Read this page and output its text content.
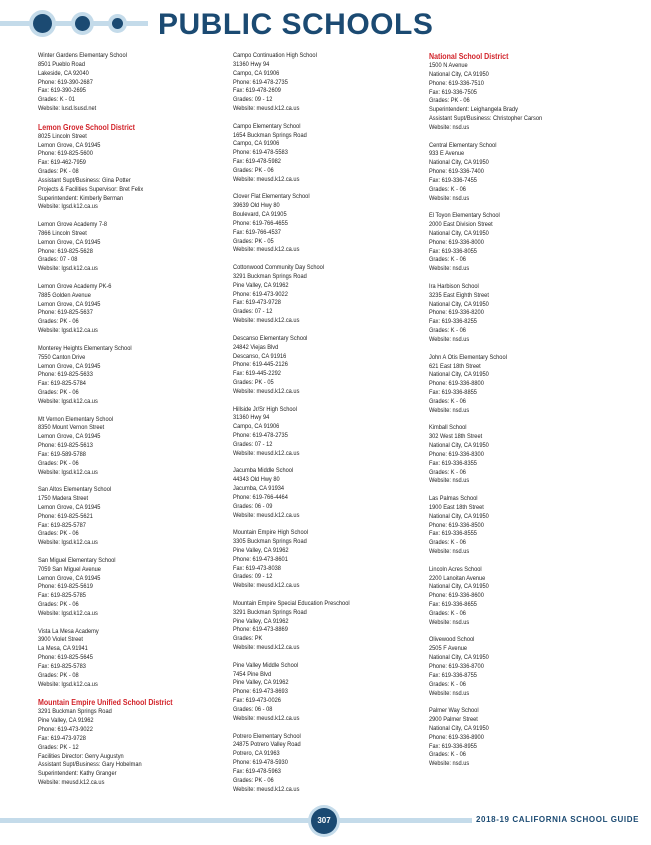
PUBLIC SCHOOLS
Winter Gardens Elementary School
8501 Pueblo Road
Lakeside, CA 92040
Phone: 619-390-2687
Fax: 619-390-2695
Grades: K - 01
Website: lusd.lsusd.net
Lemon Grove School District
8025 Lincoln Street
Lemon Grove, CA 91945
Phone: 619-825-5600
Fax: 619-462-7959
Grades: PK - 08
Assistant Supt/Business: Gina Potter
Projects & Facilities Supervisor: Bret Felix
Superintendent: Kimberly Berman
Website: lgsd.k12.ca.us
Lemon Grove Academy 7-8
7866 Lincoln Street
Lemon Grove, CA 91945
Phone: 619-825-5628
Grades: 07 - 08
Website: lgsd.k12.ca.us
Lemon Grove Academy PK-6
7885 Golden Avenue
Lemon Grove, CA 91945
Phone: 619-825-5637
Grades: PK - 06
Website: lgsd.k12.ca.us
Monterey Heights Elementary School
7550 Canton Drive
Lemon Grove, CA 91945
Phone: 619-825-5633
Fax: 619-825-5784
Grades: PK - 06
Website: lgsd.k12.ca.us
Mt Vernon Elementary School
8350 Mount Vernon Street
Lemon Grove, CA 91945
Phone: 619-825-5613
Fax: 619-589-5788
Grades: PK - 06
Website: lgsd.k12.ca.us
San Altos Elementary School
1750 Madera Street
Lemon Grove, CA 91945
Phone: 619-825-5621
Fax: 619-825-5787
Grades: PK - 06
Website: lgsd.k12.ca.us
San Miguel Elementary School
7059 San Miguel Avenue
Lemon Grove, CA 91945
Phone: 619-825-5619
Fax: 619-825-5785
Grades: PK - 06
Website: lgsd.k12.ca.us
Vista La Mesa Academy
3900 Violet Street
La Mesa, CA 91941
Phone: 619-825-5645
Fax: 619-825-5783
Grades: PK - 08
Website: lgsd.k12.ca.us
Mountain Empire Unified School District
3291 Buckman Springs Road
Pine Valley, CA 91962
Phone: 619-473-9022
Fax: 619-473-9728
Grades: PK - 12
Facilities Director: Gerry Augustyn
Assistant Supt/Business: Gary Hobelman
Superintendent: Kathy Granger
Website: meusd.k12.ca.us
Campo Continuation High School
31360 Hwy 94
Campo, CA 91906
Phone: 619-478-2735
Fax: 619-478-2609
Grades: 09 - 12
Website: meusd.k12.ca.us
Campo Elementary School
1654 Buckman Springs Road
Campo, CA 91906
Phone: 619-478-5583
Fax: 619-478-5982
Grades: PK - 06
Website: meusd.k12.ca.us
Clover Flat Elementary School
39639 Old Hwy 80
Boulevard, CA 91905
Phone: 619-766-4655
Fax: 619-766-4537
Grades: PK - 05
Website: meusd.k12.ca.us
Cottonwood Community Day School
3291 Buckman Springs Road
Pine Valley, CA 91962
Phone: 619-473-9022
Fax: 619-473-9728
Grades: 07 - 12
Website: meusd.k12.ca.us
Descanso Elementary School
24842 Viejas Blvd
Descanso, CA 91916
Phone: 619-445-2126
Fax: 619-445-2292
Grades: PK - 05
Website: meusd.k12.ca.us
Hillside Jr/Sr High School
31360 Hwy 94
Campo, CA 91906
Phone: 619-478-2735
Grades: 07 - 12
Website: meusd.k12.ca.us
Jacumba Middle School
44343 Old Hwy 80
Jacumba, CA 91934
Phone: 619-766-4464
Grades: 06 - 09
Website: meusd.k12.ca.us
Mountain Empire High School
3305 Buckman Springs Road
Pine Valley, CA 91962
Phone: 619-473-8601
Fax: 619-473-8038
Grades: 09 - 12
Website: meusd.k12.ca.us
Mountain Empire Special Education Preschool
3291 Buckman Springs Road
Pine Valley, CA 91962
Phone: 619-473-8869
Grades: PK
Website: meusd.k12.ca.us
Pine Valley Middle School
7454 Pine Blvd
Pine Valley, CA 91962
Phone: 619-473-8693
Fax: 619-473-0026
Grades: 06 - 08
Website: meusd.k12.ca.us
Potrero Elementary School
24875 Potrero Valley Road
Potrero, CA 91963
Phone: 619-478-5930
Fax: 619-478-5963
Grades: PK - 06
Website: meusd.k12.ca.us
National School District
1500 N Avenue
National City, CA 91950
Phone: 619-336-7510
Fax: 619-336-7505
Grades: PK - 06
Superintendent: Leighangela Brady
Assistant Supt/Business: Christopher Carson
Website: nsd.us
Central Elementary School
933 E Avenue
National City, CA 91950
Phone: 619-336-7400
Fax: 619-336-7455
Grades: K - 06
Website: nsd.us
El Toyon Elementary School
2000 East Division Street
National City, CA 91950
Phone: 619-336-8000
Fax: 619-336-8055
Grades: K - 06
Website: nsd.us
Ira Harbison School
3235 East Eighth Street
National City, CA 91950
Phone: 619-336-8200
Fax: 619-336-8255
Grades: K - 06
Website: nsd.us
John A Otis Elementary School
621 East 18th Street
National City, CA 91950
Phone: 619-336-8800
Fax: 619-336-8855
Grades: K - 06
Website: nsd.us
Kimball School
302 West 18th Street
National City, CA 91950
Phone: 619-336-8300
Fax: 619-336-8355
Grades: K - 06
Website: nsd.us
Las Palmas School
1900 East 18th Street
National City, CA 91950
Phone: 619-336-8500
Fax: 619-336-8555
Grades: K - 06
Website: nsd.us
Lincoln Acres School
2200 Lanoitan Avenue
National City, CA 91950
Phone: 619-336-8600
Fax: 619-336-8655
Grades: K - 06
Website: nsd.us
Olivewood School
2505 F Avenue
National City, CA 91950
Phone: 619-336-8700
Fax: 619-336-8755
Grades: K - 06
Website: nsd.us
Palmer Way School
2900 Palmer Street
National City, CA 91950
Phone: 619-336-8900
Fax: 619-336-8955
Grades: K - 06
Website: nsd.us
307	2018-19 CALIFORNIA SCHOOL GUIDE
